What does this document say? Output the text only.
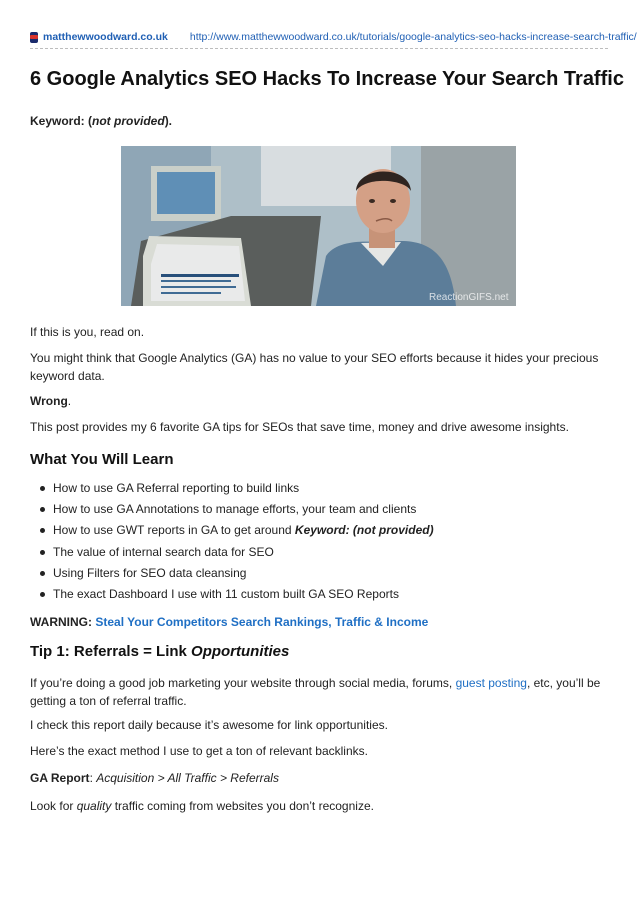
matthewwoodward.co.uk http://www.matthewwoodward.co.uk/tutorials/google-analytics-seo-hacks-increase-search-traffic/
6 Google Analytics SEO Hacks To Increase Your Search Traffic

Keyword: (not provided).

ReactionGIFS.net

If this is you, read on.

You might think that Google Analytics (GA) has no value to your SEO efforts because it hides your precious keyword data.

Wrong.

This post provides my 6 favorite GA tips for SEOs that save time, money and drive awesome insights.

What You Will Learn
How to use GA Referral reporting to build links
How to use GA Annotations to manage efforts, your team and clients
How to use GWT reports in GA to get around Keyword: (not provided)
The value of internal search data for SEO
Using Filters for SEO data cleansing
The exact Dashboard I use with 11 custom built GA SEO Reports

WARNING: Steal Your Competitors Search Rankings, Traffic & Income

Tip 1: Referrals = Link Opportunities

If you’re doing a good job marketing your website through social media, forums, guest posting, etc, you’ll be getting a ton of referral traffic.

I check this report daily because it’s awesome for link opportunities.

Here’s the exact method I use to get a ton of relevant backlinks.

GA Report: Acquisition > All Traffic > Referrals

Look for quality traffic coming from websites you don’t recognize.
